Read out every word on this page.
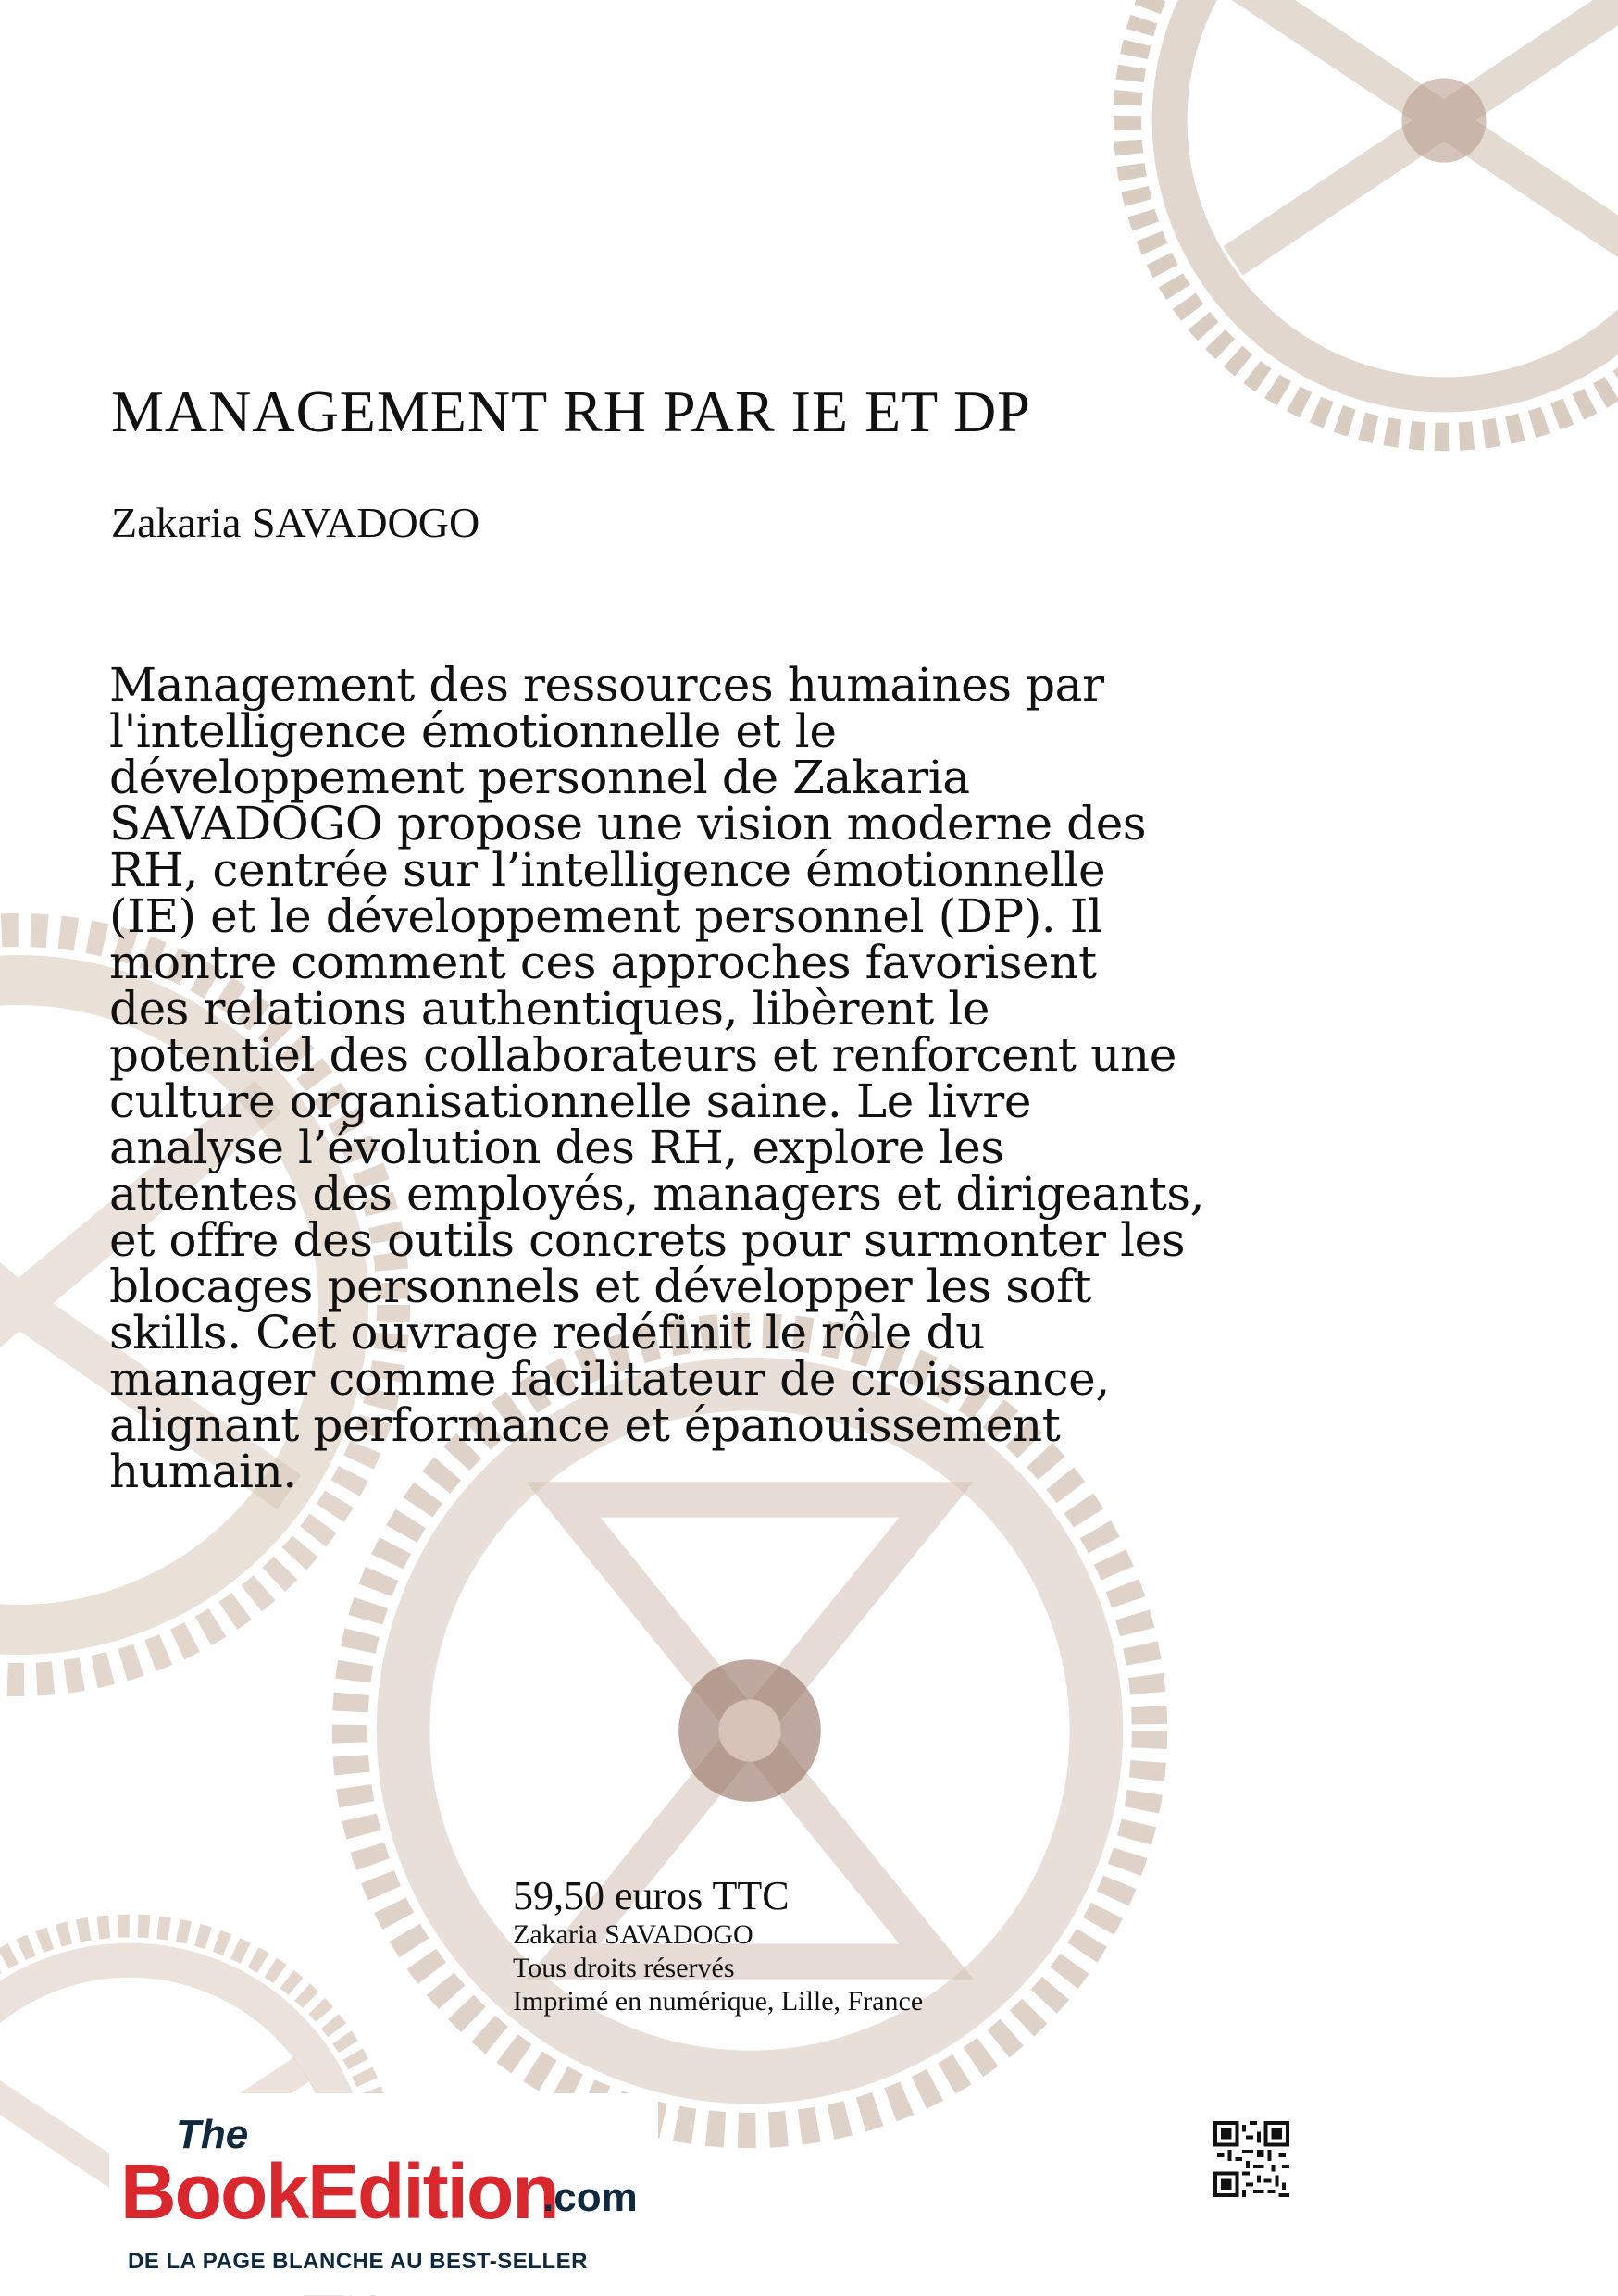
MANAGEMENT RH PAR IE ET DP
Zakaria SAVADOGO
Management des ressources humaines par
l'intelligence émotionnelle et le
développement personnel de Zakaria
SAVADOGO propose une vision moderne des
RH, centrée sur l’intelligence émotionnelle
(IE) et le développement personnel (DP). Il
montre comment ces approches favorisent
des relations authentiques, libèrent le
potentiel des collaborateurs et renforcent une
culture organisationnelle saine. Le livre
analyse l’évolution des RH, explore les
attentes des employés, managers et dirigeants,
et offre des outils concrets pour surmonter les
blocages personnels et développer les soft
skills. Cet ouvrage redéfinit le rôle du
manager comme facilitateur de croissance,
alignant performance et épanouissement
humain.
59,50 euros TTC
Zakaria SAVADOGO
Tous droits réservés
Imprimé en numérique, Lille, France
The
BookEdition
.com
DE LA PAGE BLANCHE AU BEST-SELLER
